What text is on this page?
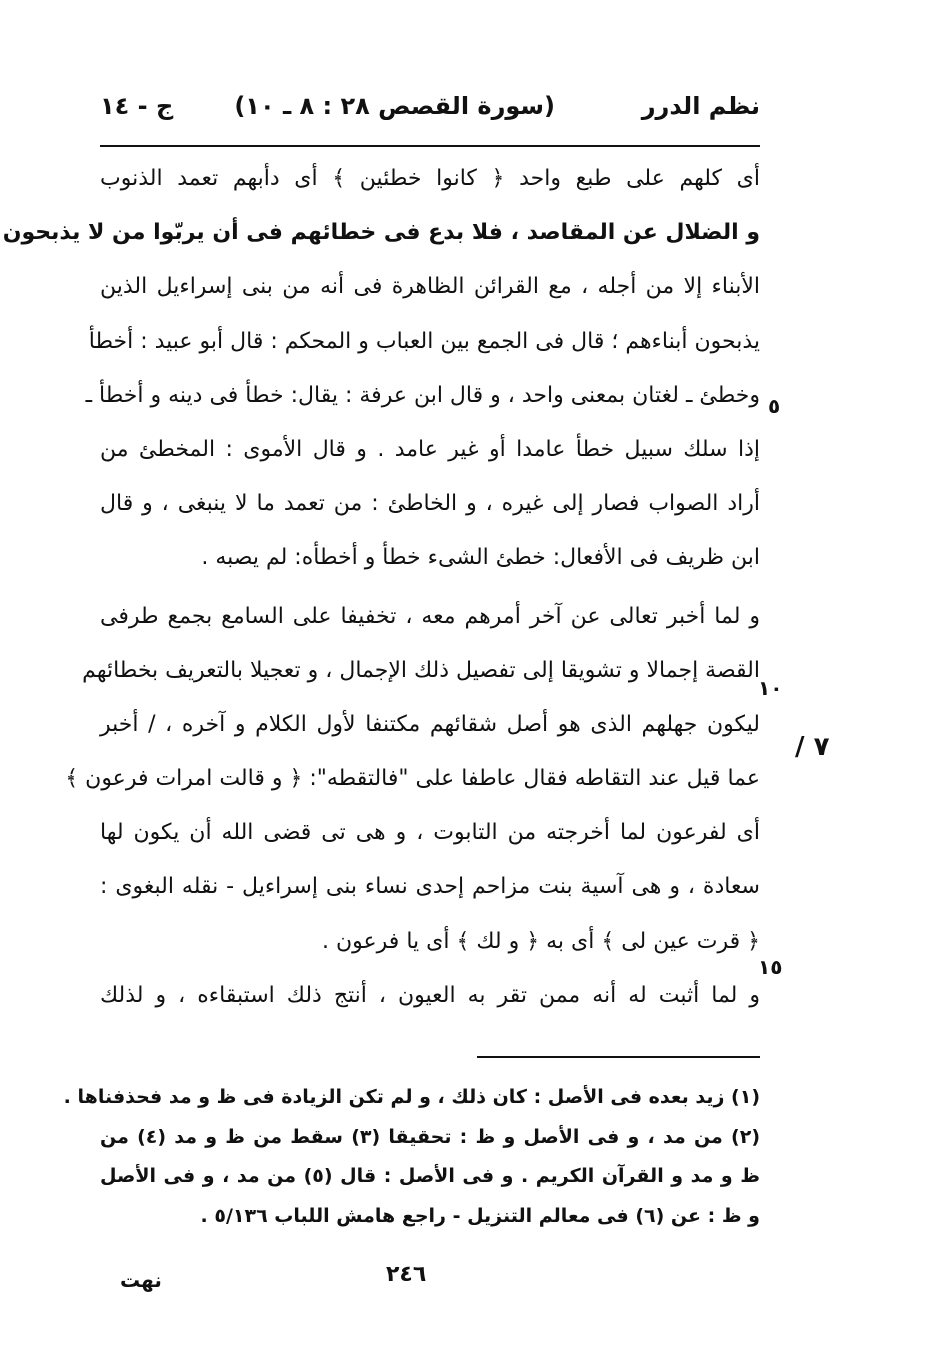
نظم الدرر
(سورة القصص ٢٨ : ٨ ـ ١٠)
ج - ١٤
أى كلهم على طبع واحد ﴿ كانوا خطئين ﴾ أى دأبهم تعمد الذنوب
و الضلال عن المقاصد ، فلا بدع فى خطائهم فى أن يربّوا من لا يذبحون
الأبناء إلا من أجله ، مع القرائن الظاهرة فى أنه من بنى إسراءيل الذين
يذبحون أبناءهم ؛ قال فى الجمع بين العباب و المحكم : قال أبو عبيد : أخطأ
وخطئ ـ لغتان بمعنى واحد ، و قال ابن عرفة : يقال: خطأ فى دينه و أخطأ ـ
إذا سلك سبيل خطأ عامدا أو غير عامد . و قال الأموى : المخطئ من
أراد الصواب فصار إلى غيره ، و الخاطئ : من تعمد ما لا ينبغى ، و قال
ابن ظريف فى الأفعال: خطئ الشىء خطأ و أخطأه: لم يصبه .
و لما أخبر تعالى عن آخر أمرهم معه ، تخفيفا على السامع بجمع طرفى
القصة إجمالا و تشويقا إلى تفصيل ذلك الإجمال ، و تعجيلا بالتعريف بخطائهم
ليكون جهلهم الذى هو أصل شقائهم مكتنفا لأول الكلام و آخره ، / أخبر
عما قيل عند التقاطه فقال عاطفا على "فالتقطه": ﴿ و قالت امرات فرعون ﴾
أى لفرعون لما أخرجته من التابوت ، و هى تى قضى الله أن يكون لها
سعادة ، و هى آسية بنت مزاحم إحدى نساء بنى إسراءيل - نقله البغوى :
﴿ قرت عين لى ﴾ أى به ﴿ و لك ﴾ أى يا فرعون .
و لما أثبت له أنه ممن تقر به العيون ، أنتج ذلك استبقاءه ، و لذلك
٥
١٠
١٥
٧ /
(١) زيد بعده فى الأصل : كان ذلك ، و لم تكن الزيادة فى ظ و مد فحذفناها .
(٢) من مد ، و فى الأصل و ظ : تحقيقا (٣) سقط من ظ و مد (٤) من
ظ و مد و القرآن الكريم . و فى الأصل : قال (٥) من مد ، و فى الأصل
و ظ : عن (٦) فى معالم التنزيل - راجع هامش اللباب ٥/١٣٦ .
٢٤٦
نهت
